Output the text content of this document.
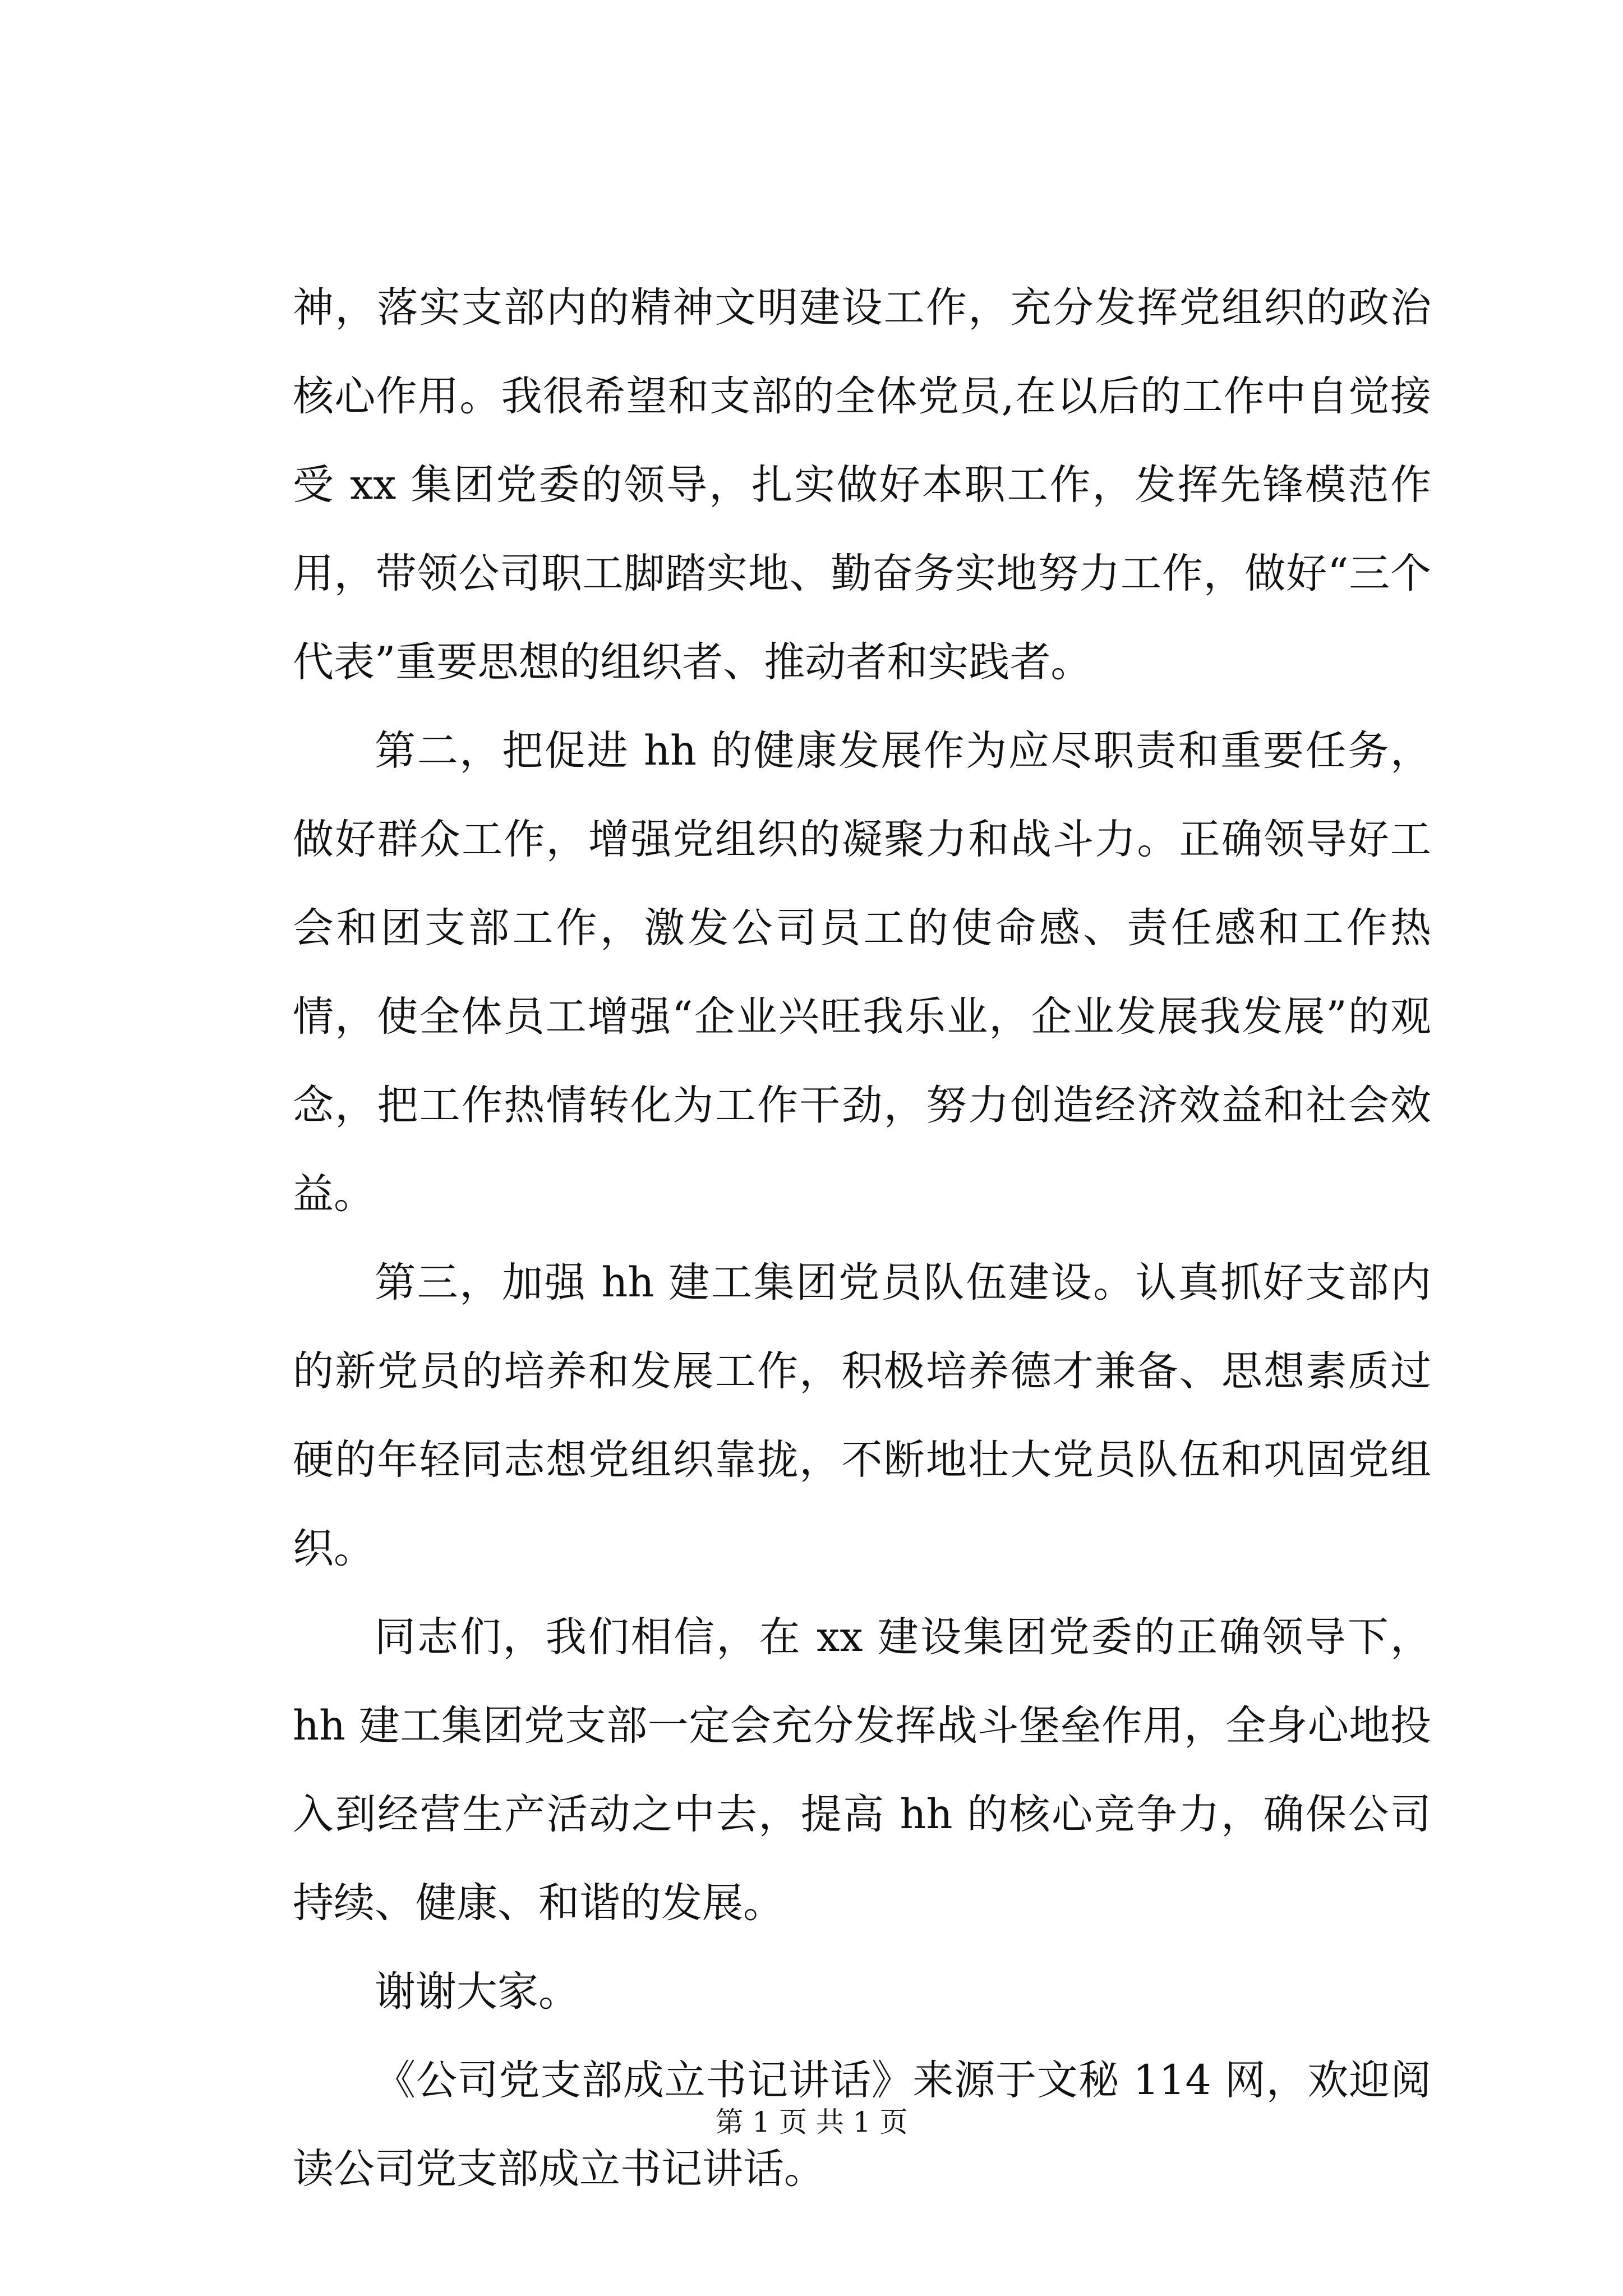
神，落实支部内的精神文明建设工作，充分发挥党组织的政治核心作用。我很希望和支部的全体党员,在以后的工作中自觉接受 xx 集团党委的领导，扎实做好本职工作，发挥先锋模范作用，带领公司职工脚踏实地、勤奋务实地努力工作，做好“三个代表”重要思想的组织者、推动者和实践者。

第二，把促进 hh 的健康发展作为应尽职责和重要任务，做好群众工作，增强党组织的凝聚力和战斗力。正确领导好工会和团支部工作，激发公司员工的使命感、责任感和工作热情，使全体员工增强“企业兴旺我乐业，企业发展我发展”的观念，把工作热情转化为工作干劲，努力创造经济效益和社会效益。

第三，加强 hh 建工集团党员队伍建设。认真抓好支部内的新党员的培养和发展工作，积极培养德才兼备、思想素质过硬的年轻同志想党组织靠拢，不断地壮大党员队伍和巩固党组织。

同志们，我们相信，在 xx 建设集团党委的正确领导下，hh 建工集团党支部一定会充分发挥战斗堡垒作用，全身心地投入到经营生产活动之中去，提高 hh 的核心竞争力，确保公司持续、健康、和谐的发展。

谢谢大家。

《公司党支部成立书记讲话》来源于文秘 114 网，欢迎阅读公司党支部成立书记讲话。

第 1 页 共 1 页
